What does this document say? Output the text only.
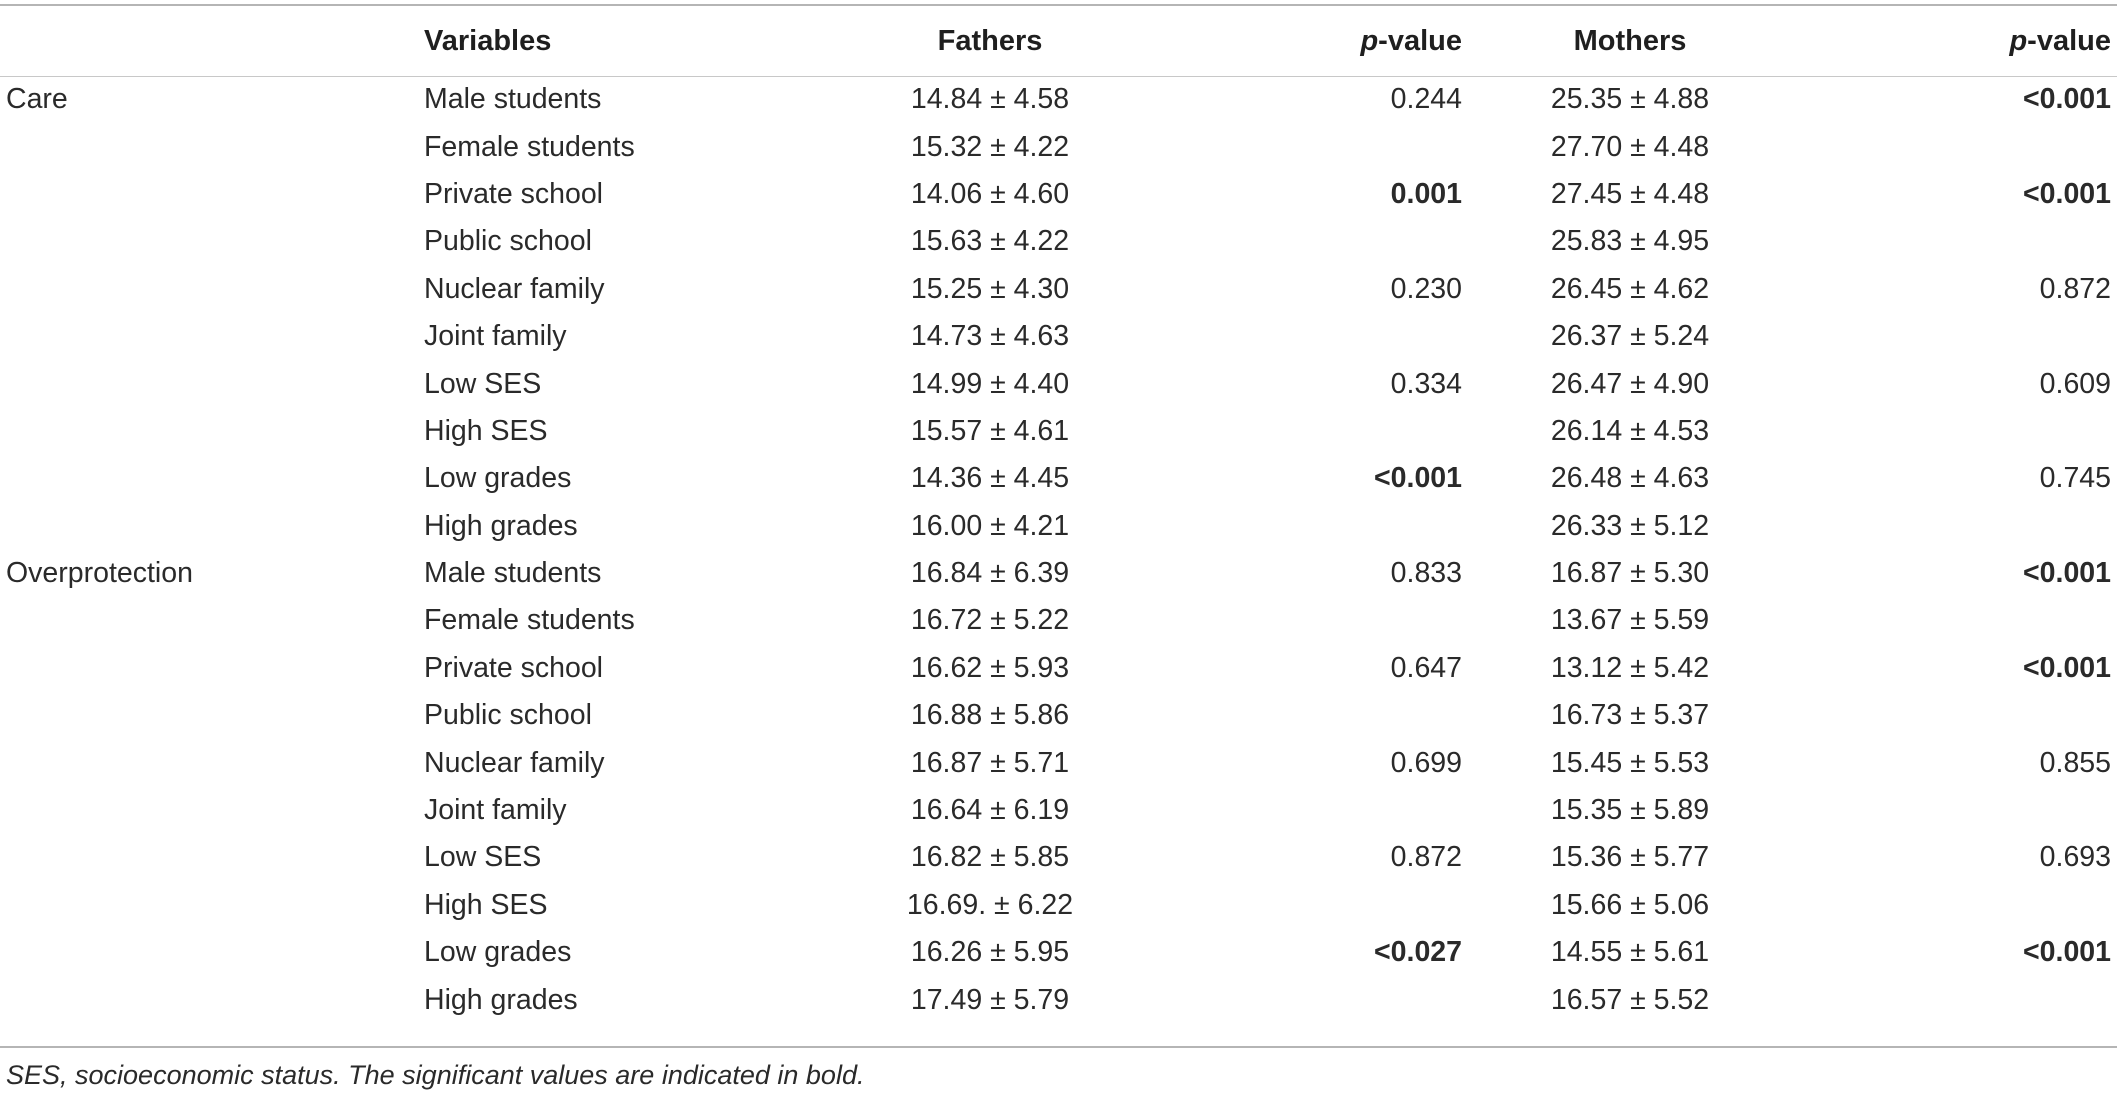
	Variables	Fathers	p-value	Mothers	p-value
Care	Male students	14.84 ± 4.58	0.244	25.35 ± 4.88	<0.001
	Female students	15.32 ± 4.22		27.70 ± 4.48	
	Private school	14.06 ± 4.60	0.001	27.45 ± 4.48	<0.001
	Public school	15.63 ± 4.22		25.83 ± 4.95	
	Nuclear family	15.25 ± 4.30	0.230	26.45 ± 4.62	0.872
	Joint family	14.73 ± 4.63		26.37 ± 5.24	
	Low SES	14.99 ± 4.40	0.334	26.47 ± 4.90	0.609
	High SES	15.57 ± 4.61		26.14 ± 4.53	
	Low grades	14.36 ± 4.45	<0.001	26.48 ± 4.63	0.745
	High grades	16.00 ± 4.21		26.33 ± 5.12	
Overprotection	Male students	16.84 ± 6.39	0.833	16.87 ± 5.30	<0.001
	Female students	16.72 ± 5.22		13.67 ± 5.59	
	Private school	16.62 ± 5.93	0.647	13.12 ± 5.42	<0.001
	Public school	16.88 ± 5.86		16.73 ± 5.37	
	Nuclear family	16.87 ± 5.71	0.699	15.45 ± 5.53	0.855
	Joint family	16.64 ± 6.19		15.35 ± 5.89	
	Low SES	16.82 ± 5.85	0.872	15.36 ± 5.77	0.693
	High SES	16.69. ± 6.22		15.66 ± 5.06	
	Low grades	16.26 ± 5.95	<0.027	14.55 ± 5.61	<0.001
	High grades	17.49 ± 5.79		16.57 ± 5.52	
SES, socioeconomic status. The significant values are indicated in bold.
